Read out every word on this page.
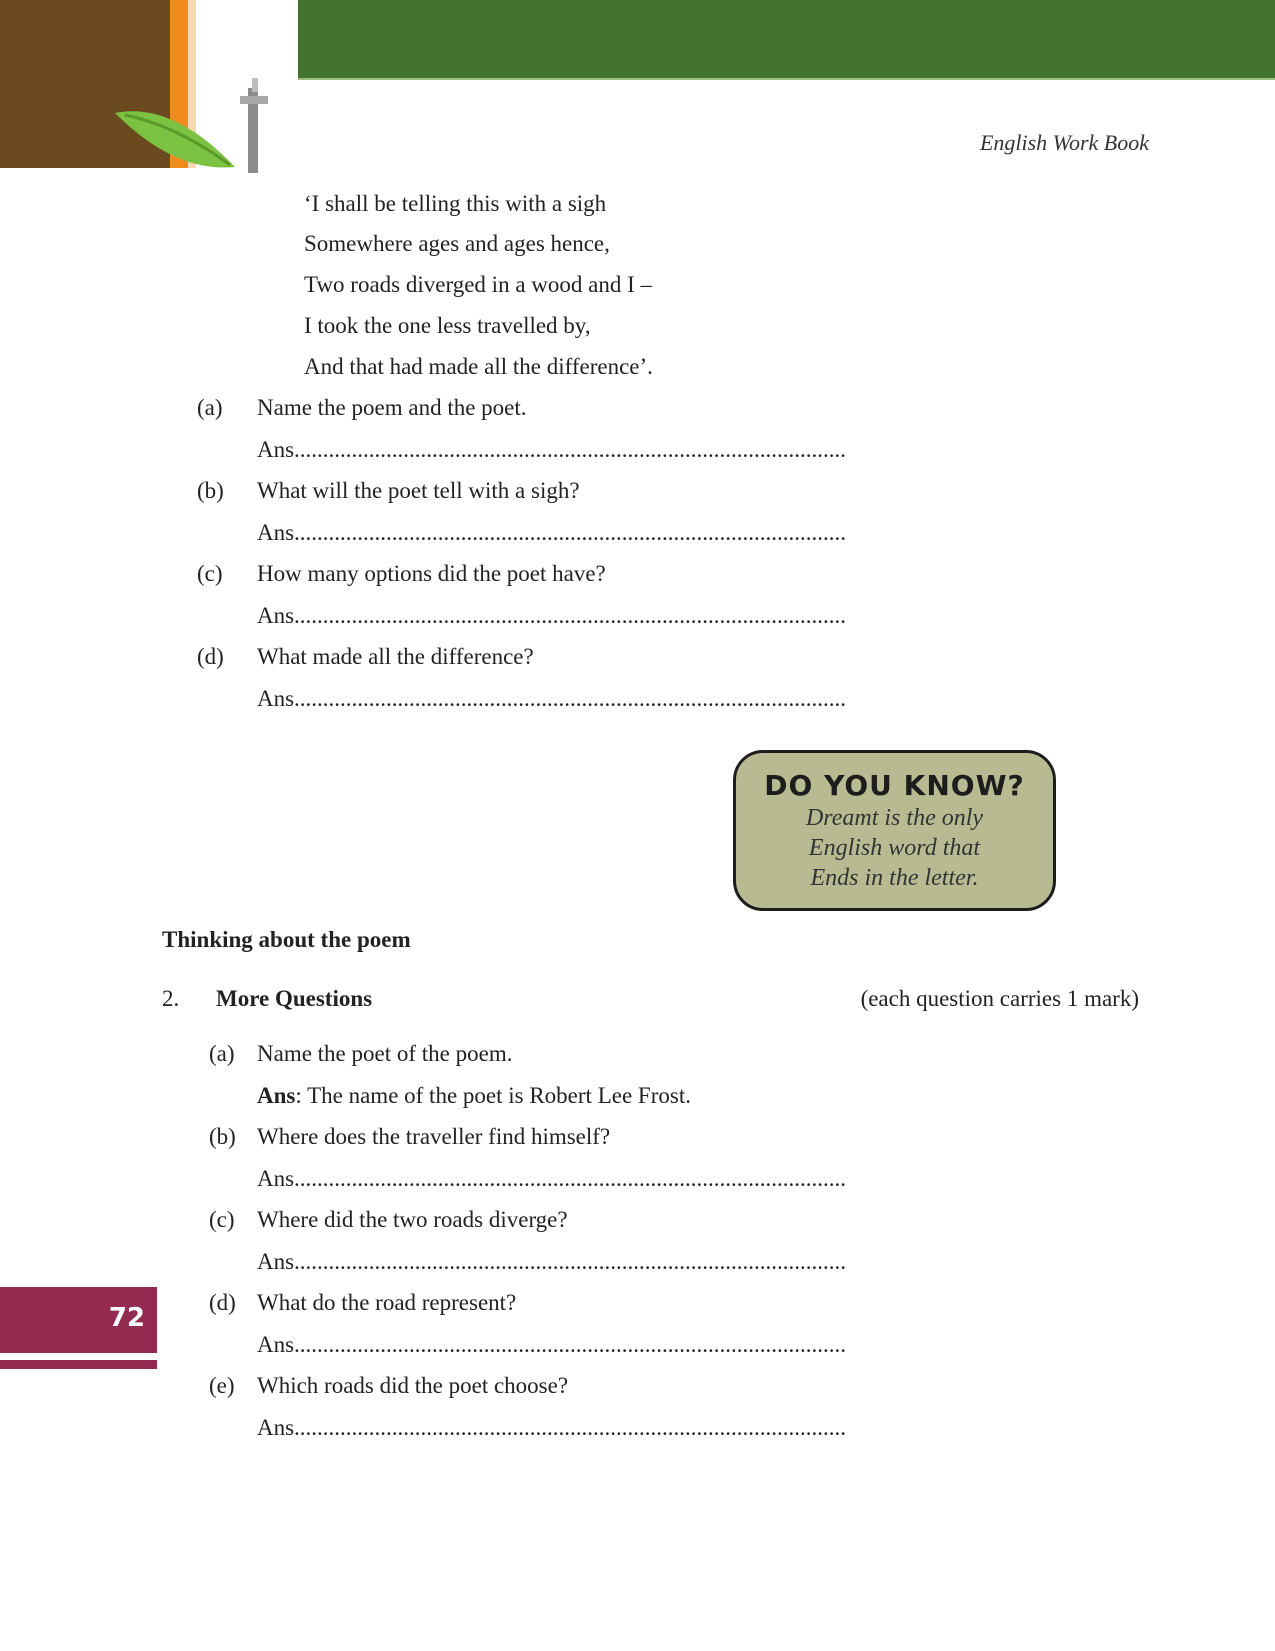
English Work Book
‘I shall be telling this with a sigh
Somewhere ages and ages hence,
Two roads diverged in a wood and I –
I took the one less travelled by,
And that had made all the difference’.
(a) Name the poem and the poet.
Ans................................................................................................
(b) What will the poet tell with a sigh?
Ans................................................................................................
(c) How many options did the poet have?
Ans................................................................................................
(d) What made all the difference?
Ans................................................................................................
DO YOU KNOW?
Dreamt is the only
English word that
Ends in the letter.
Thinking about the poem
2. More Questions	(each question carries 1 mark)
(a) Name the poet of the poem.
Ans: The name of the poet is Robert Lee Frost.
(b) Where does the traveller find himself?
Ans................................................................................................
(c) Where did the two roads diverge?
Ans................................................................................................
(d) What do the road represent?
Ans................................................................................................
(e) Which roads did the poet choose?
Ans................................................................................................
72
